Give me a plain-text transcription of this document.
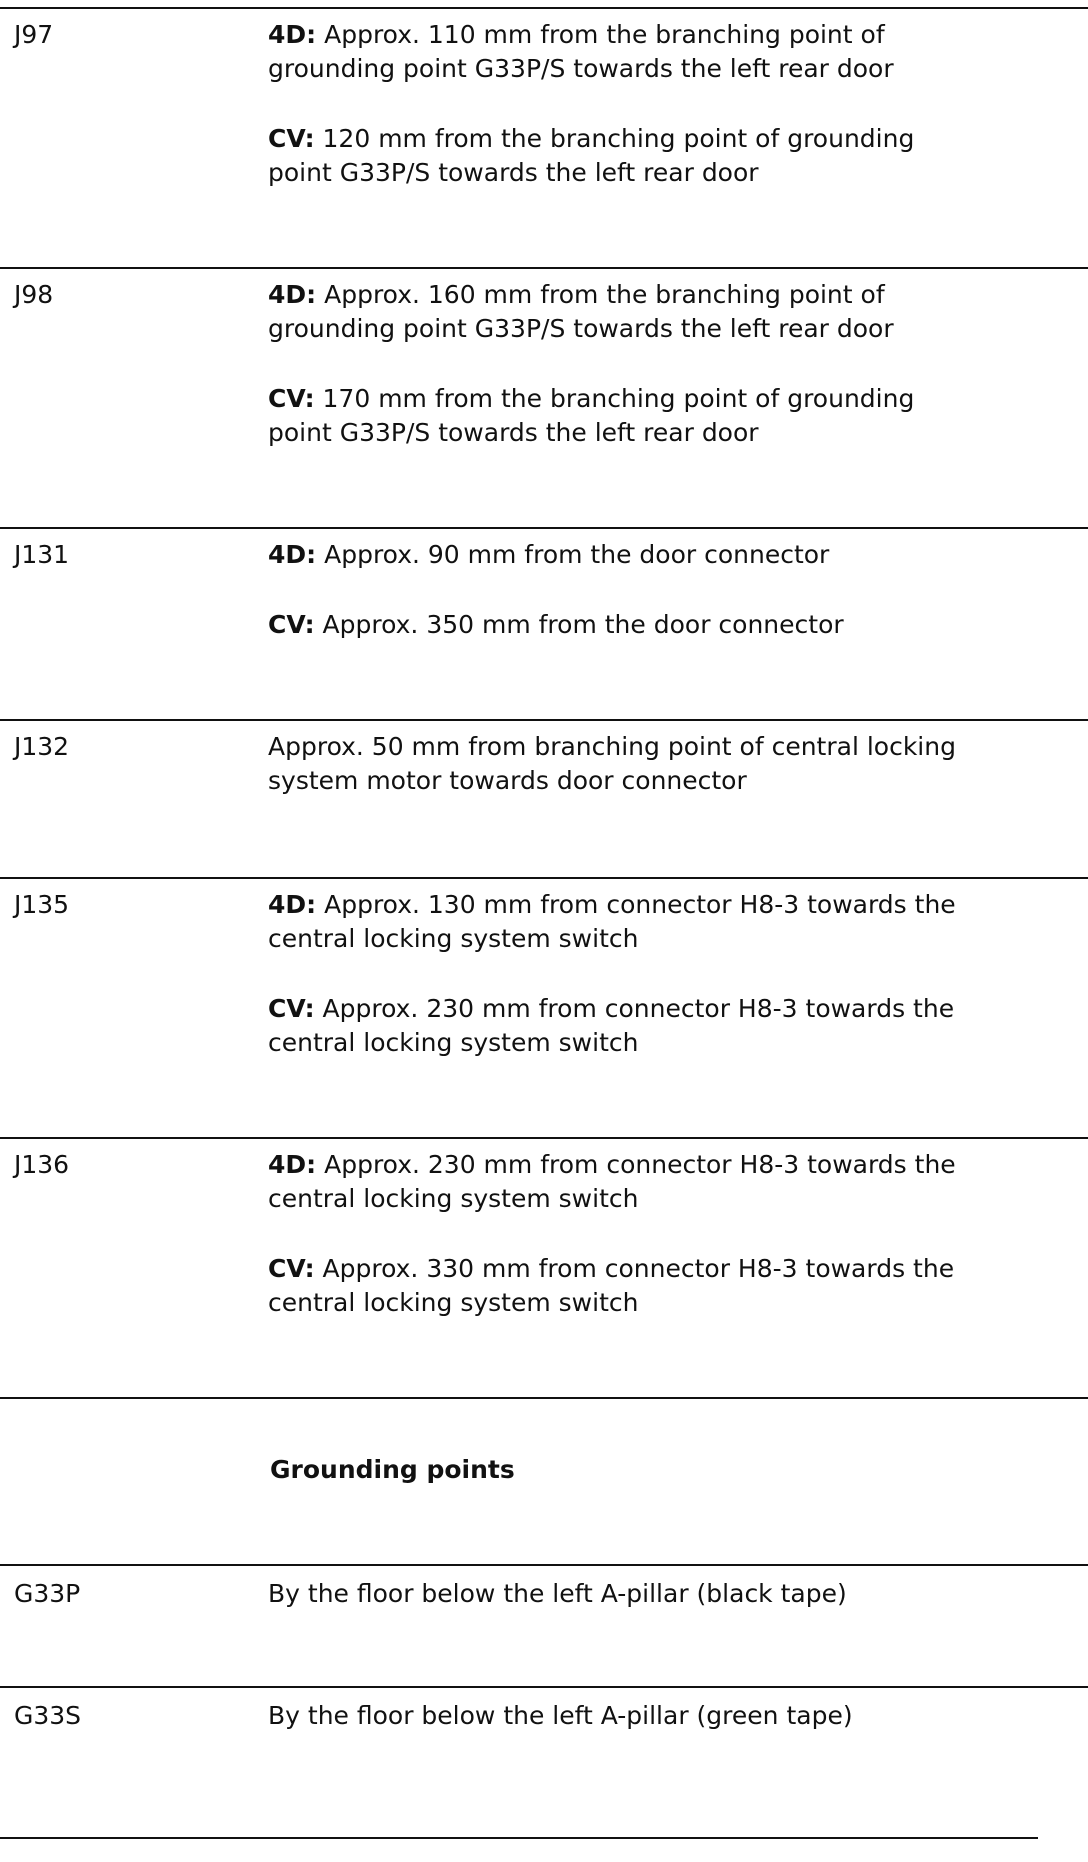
J97	4D: Approx. 110 mm from the branching point of
grounding point G33P/S towards the left rear door
CV: 120 mm from the branching point of grounding
point G33P/S towards the left rear door
J98	4D: Approx. 160 mm from the branching point of
grounding point G33P/S towards the left rear door
CV: 170 mm from the branching point of grounding
point G33P/S towards the left rear door
J131	4D: Approx. 90 mm from the door connector
CV: Approx. 350 mm from the door connector
J132	Approx. 50 mm from branching point of central locking
system motor towards door connector
J135	4D: Approx. 130 mm from connector H8-3 towards the
central locking system switch
CV: Approx. 230 mm from connector H8-3 towards the
central locking system switch
J136	4D: Approx. 230 mm from connector H8-3 towards the
central locking system switch
CV: Approx. 330 mm from connector H8-3 towards the
central locking system switch
Grounding points
G33P	By the floor below the left A-pillar (black tape)
G33S	By the floor below the left A-pillar (green tape)
